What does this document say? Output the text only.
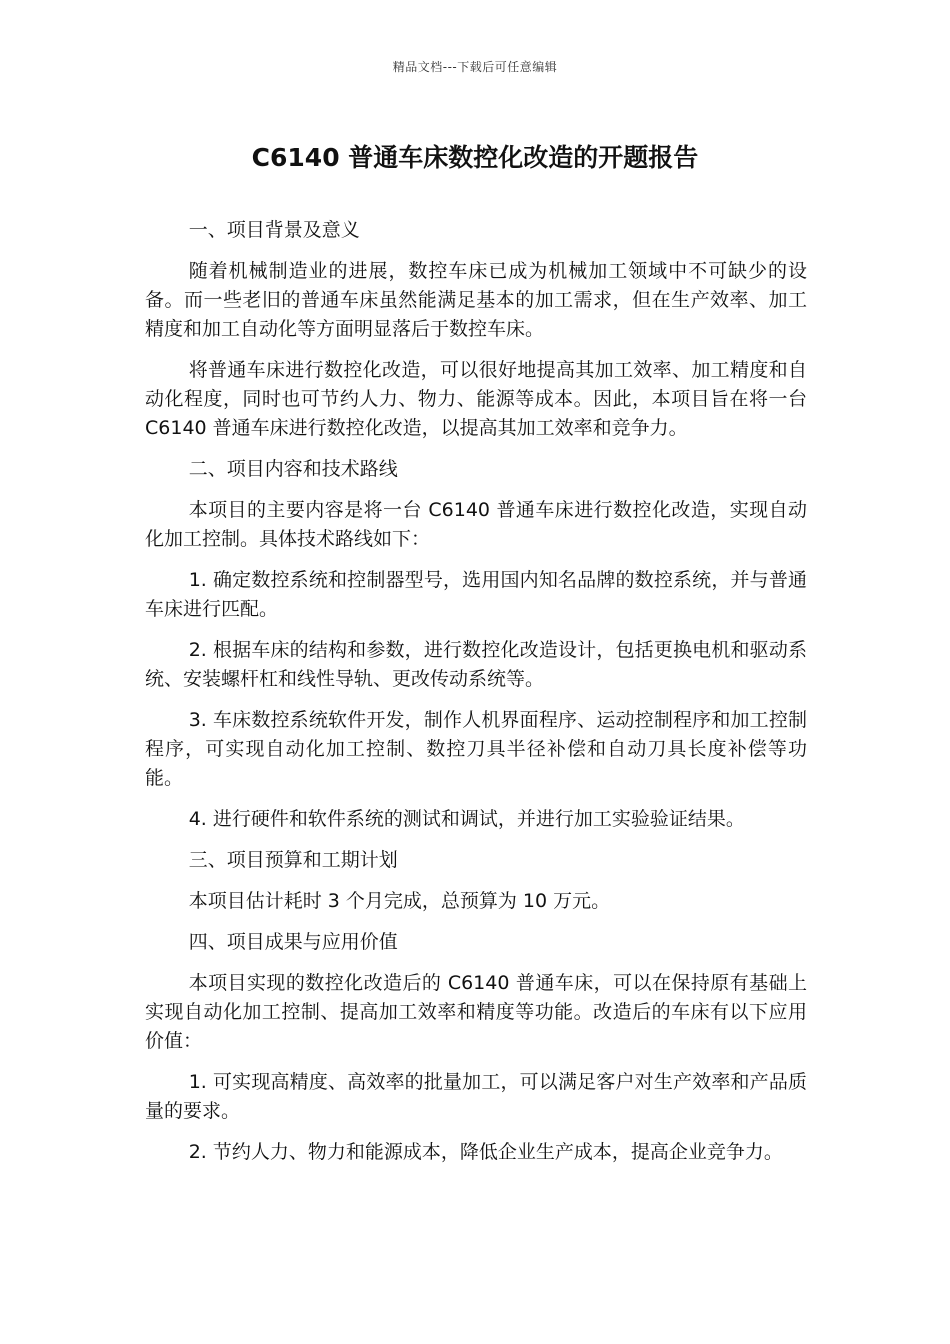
精品文档---下载后可任意编辑
C6140 普通车床数控化改造的开题报告

一、项目背景及意义

随着机械制造业的进展，数控车床已成为机械加工领域中不可缺少的设备。而一些老旧的普通车床虽然能满足基本的加工需求，但在生产效率、加工精度和加工自动化等方面明显落后于数控车床。

将普通车床进行数控化改造，可以很好地提高其加工效率、加工精度和自动化程度，同时也可节约人力、物力、能源等成本。因此，本项目旨在将一台 C6140 普通车床进行数控化改造，以提高其加工效率和竞争力。

二、项目内容和技术路线

本项目的主要内容是将一台 C6140 普通车床进行数控化改造，实现自动化加工控制。具体技术路线如下：

1. 确定数控系统和控制器型号，选用国内知名品牌的数控系统，并与普通车床进行匹配。

2. 根据车床的结构和参数，进行数控化改造设计，包括更换电机和驱动系统、安装螺杆杠和线性导轨、更改传动系统等。

3. 车床数控系统软件开发，制作人机界面程序、运动控制程序和加工控制程序，可实现自动化加工控制、数控刀具半径补偿和自动刀具长度补偿等功能。

4. 进行硬件和软件系统的测试和调试，并进行加工实验验证结果。

三、项目预算和工期计划

本项目估计耗时 3 个月完成，总预算为 10 万元。

四、项目成果与应用价值

本项目实现的数控化改造后的 C6140 普通车床，可以在保持原有基础上实现自动化加工控制、提高加工效率和精度等功能。改造后的车床有以下应用价值：

1. 可实现高精度、高效率的批量加工，可以满足客户对生产效率和产品质量的要求。

2. 节约人力、物力和能源成本，降低企业生产成本，提高企业竞争力。
